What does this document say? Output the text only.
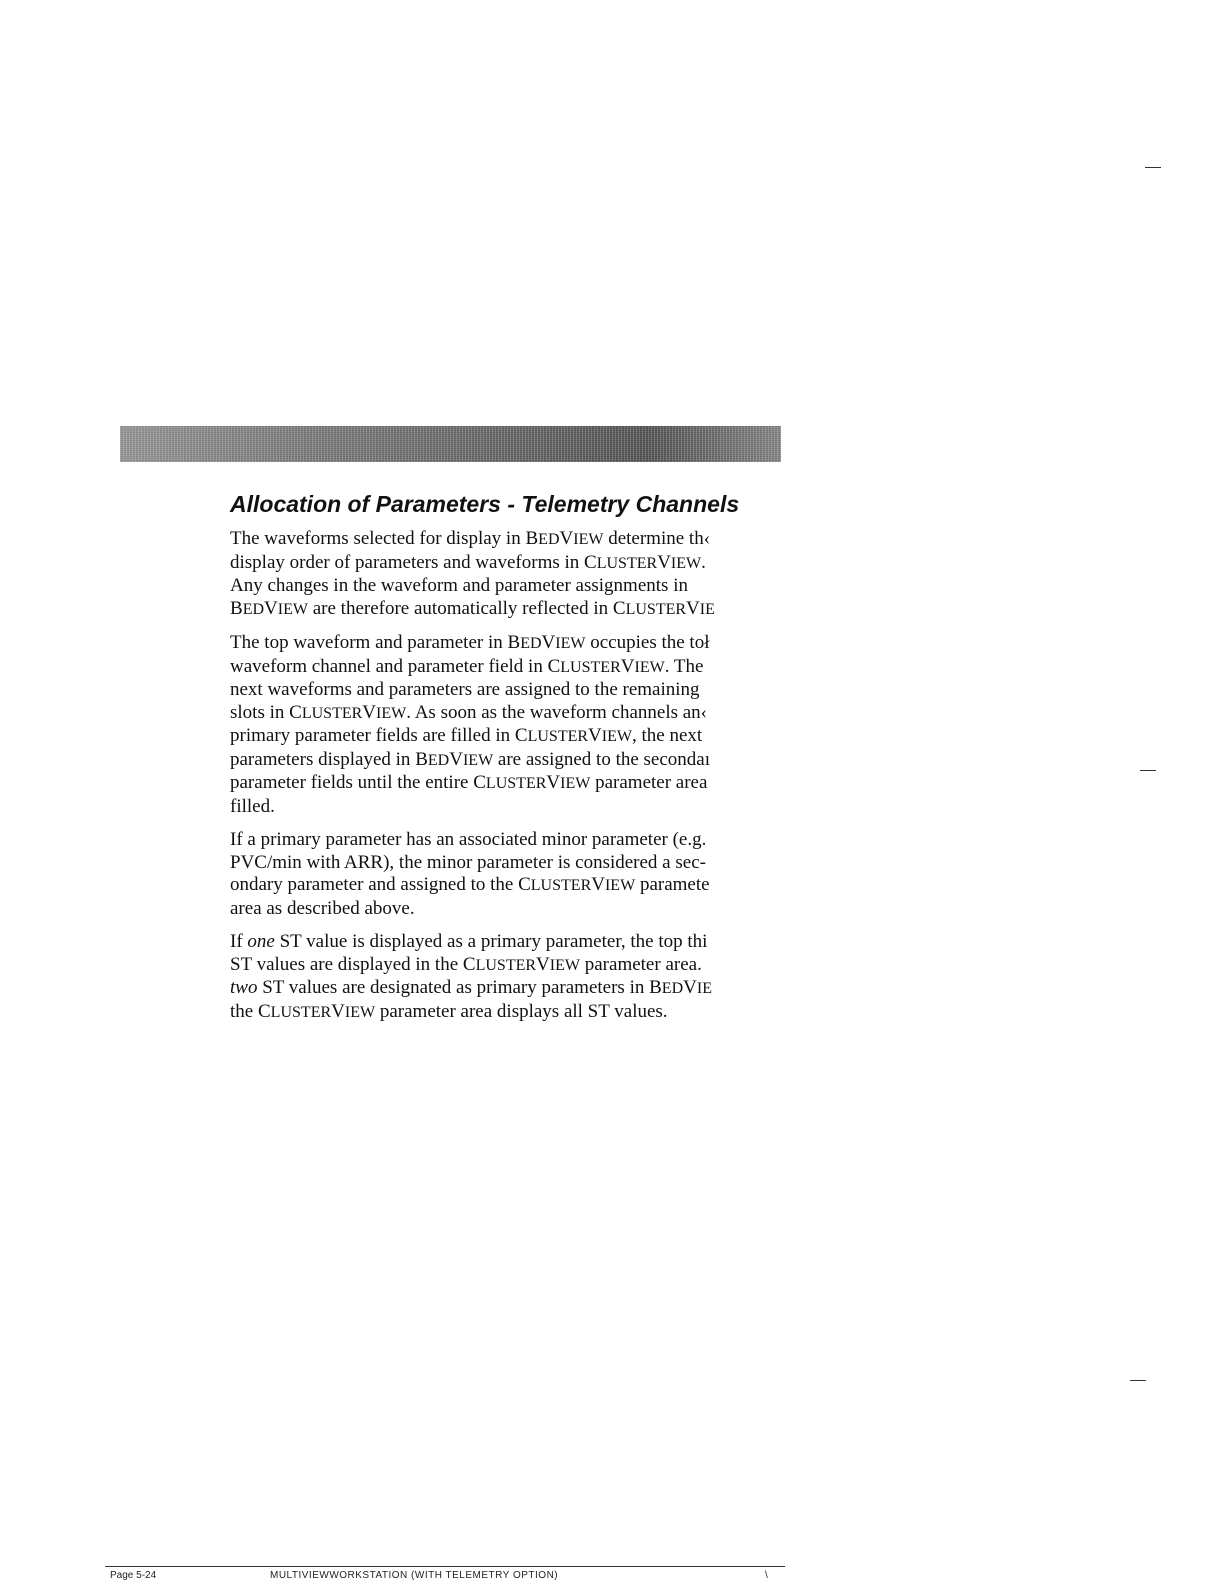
Allocation of Parameters - Telemetry Channels

The waveforms selected for display in BEDVIEW determine th‹
display order of parameters and waveforms in CLUSTERVIEW.
Any changes in the waveform and parameter assignments in
BEDVIEW are therefore automatically reflected in CLUSTERVIE

The top waveform and parameter in BEDVIEW occupies the toł
waveform channel and parameter field in CLUSTERVIEW. The
next waveforms and parameters are assigned to the remaining
slots in CLUSTERVIEW. As soon as the waveform channels an‹
primary parameter fields are filled in CLUSTERVIEW, the next
parameters displayed in BEDVIEW are assigned to the secondaı
parameter fields until the entire CLUSTERVIEW parameter area
filled.

If a primary parameter has an associated minor parameter (e.g.
PVC/min with ARR), the minor parameter is considered a sec-
ondary parameter and assigned to the CLUSTERVIEW paramete
area as described above.

If one ST value is displayed as a primary parameter, the top thi
ST values are displayed in the CLUSTERVIEW parameter area.
two ST values are designated as primary parameters in BEDVIE
the CLUSTERVIEW parameter area displays all ST values.

Page 5-24	MULTIVIEWWORKSTATION (WITH TELEMETRY OPTION)	\
